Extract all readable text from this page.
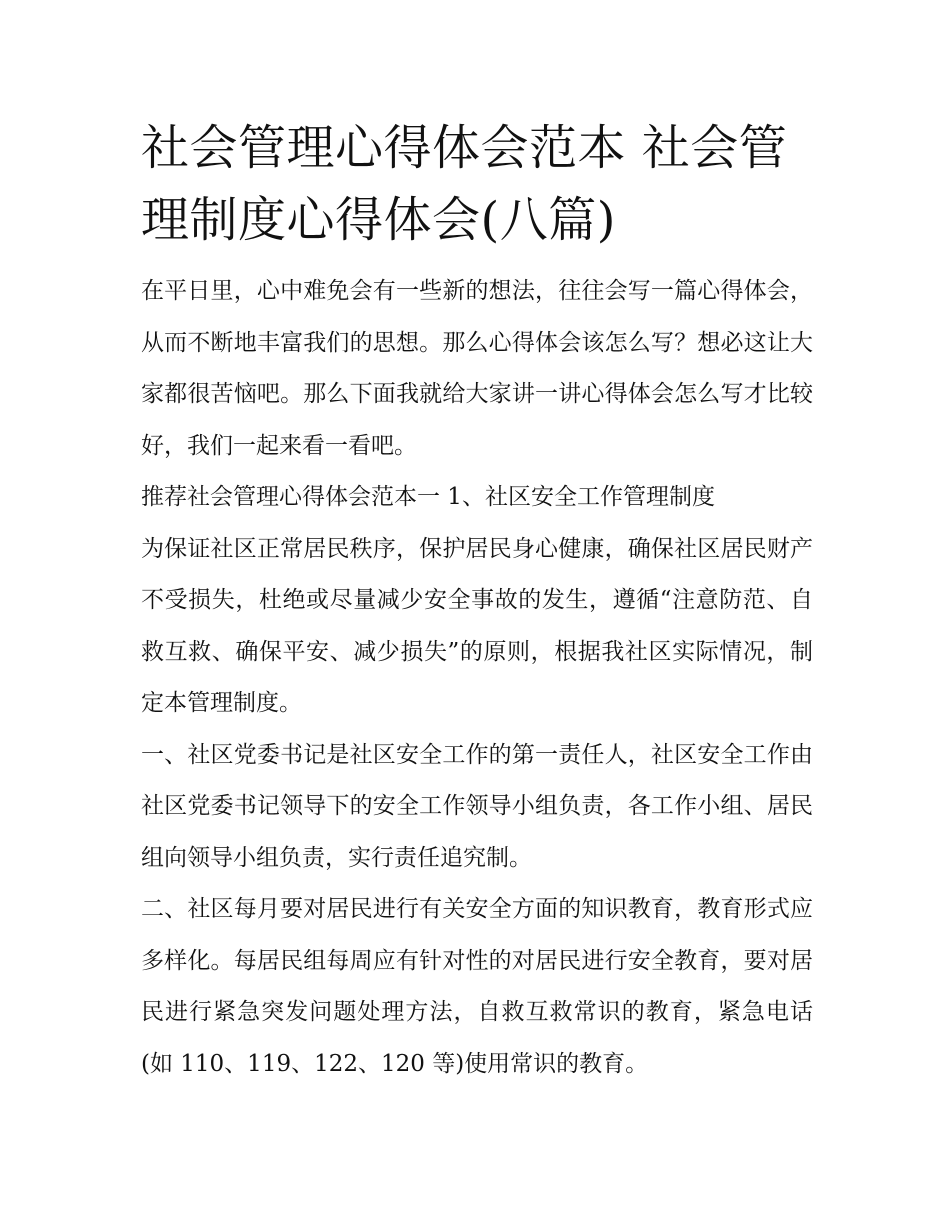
社会管理心得体会范本 社会管理制度心得体会(八篇)

在平日里，心中难免会有一些新的想法，往往会写一篇心得体会，从而不断地丰富我们的思想。那么心得体会该怎么写？想必这让大家都很苦恼吧。那么下面我就给大家讲一讲心得体会怎么写才比较好，我们一起来看一看吧。

推荐社会管理心得体会范本一 1、社区安全工作管理制度

为保证社区正常居民秩序，保护居民身心健康，确保社区居民财产不受损失，杜绝或尽量减少安全事故的发生，遵循“注意防范、自救互救、确保平安、减少损失”的原则，根据我社区实际情况，制定本管理制度。

一、社区党委书记是社区安全工作的第一责任人，社区安全工作由社区党委书记领导下的安全工作领导小组负责，各工作小组、居民组向领导小组负责，实行责任追究制。

二、社区每月要对居民进行有关安全方面的知识教育，教育形式应多样化。每居民组每周应有针对性的对居民进行安全教育，要对居民进行紧急突发问题处理方法，自救互救常识的教育，紧急电话(如 110、119、122、120 等)使用常识的教育。
